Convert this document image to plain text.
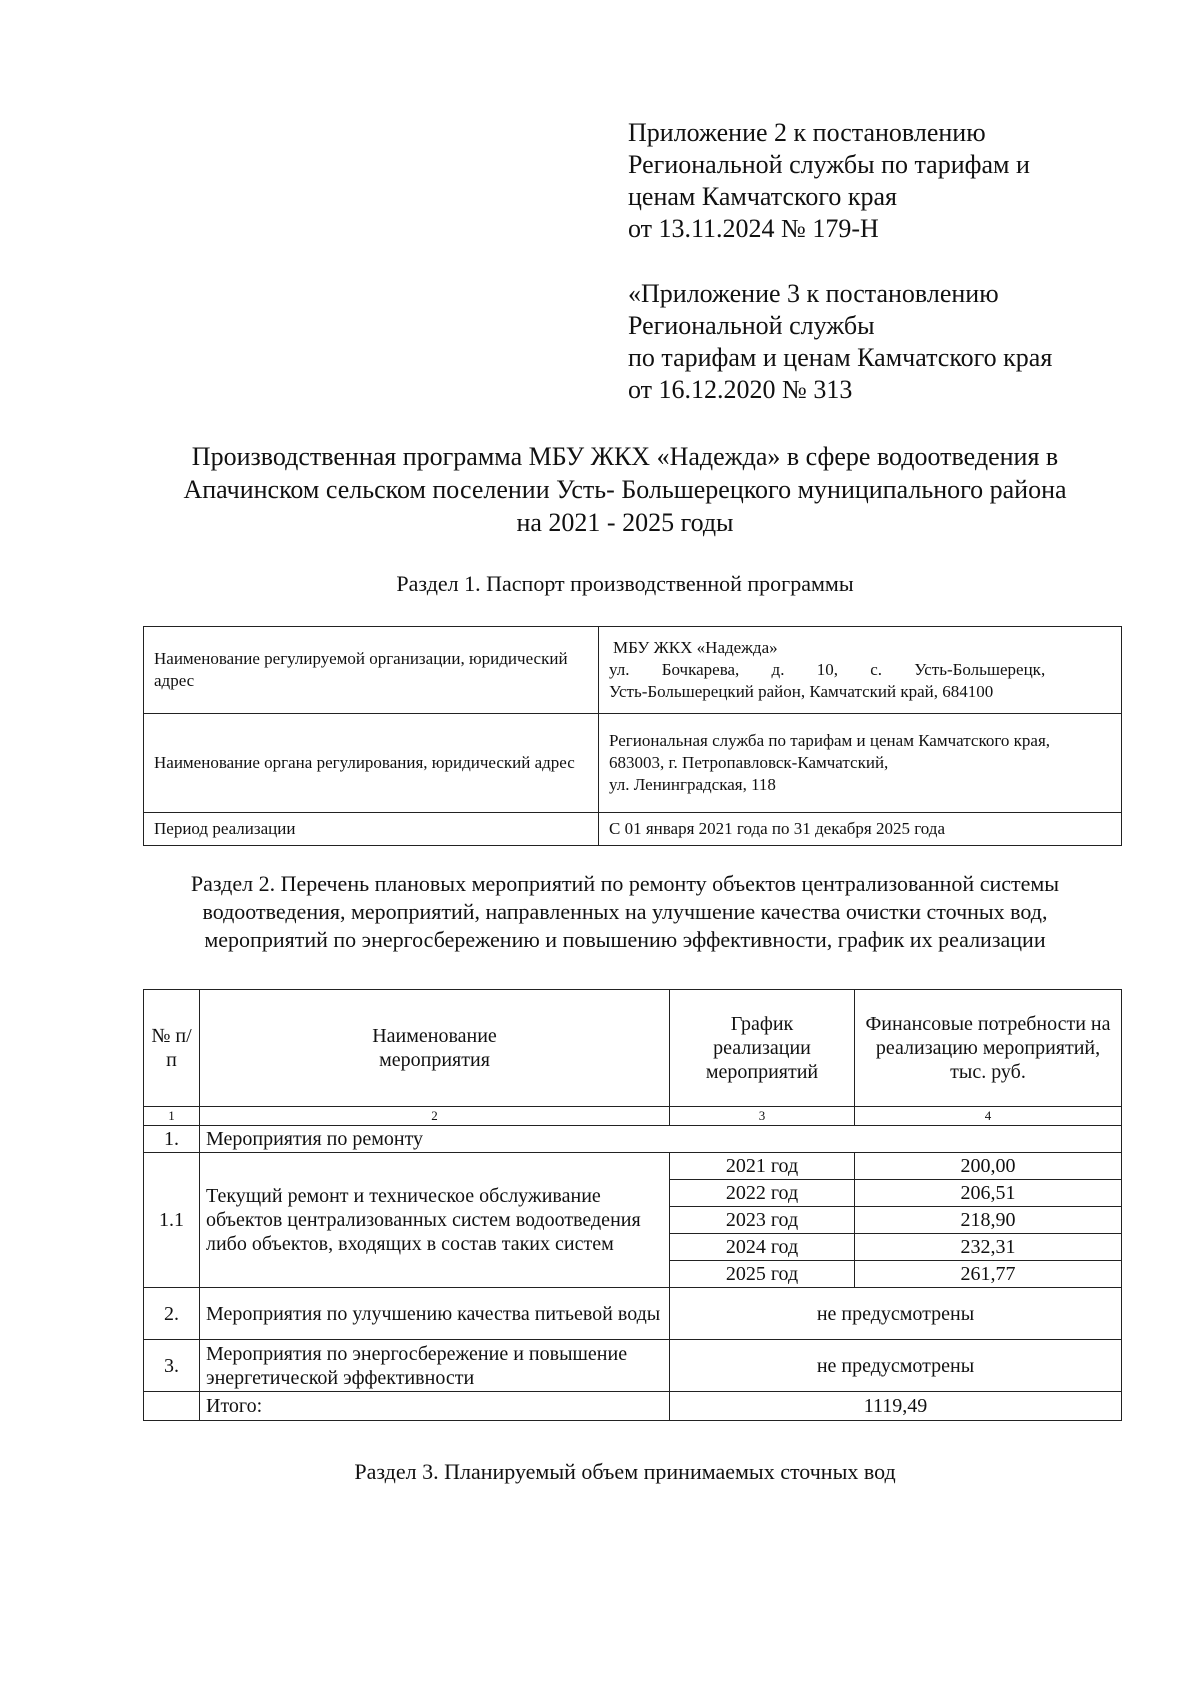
Приложение 2 к постановлению
Региональной службы по тарифам и
ценам Камчатского края
от 13.11.2024 № 179-Н
«Приложение 3 к постановлению
Региональной службы
по тарифам и ценам Камчатского края
от 16.12.2020 № 313
Производственная программа МБУ ЖКХ «Надежда» в сфере водоотведения в
Апачинском сельском поселении Усть- Большерецкого муниципального района
на 2021 - 2025 годы
Раздел 1. Паспорт производственной программы
Наименование регулируемой организации, юридический адрес	МБУ ЖКХ «Надежда»
ул. Бочкарева, д. 10, с. Усть-Большерецк,
Усть-Большерецкий район, Камчатский край, 684100

Наименование органа регулирования, юридический адрес	Региональная служба по тарифам и ценам Камчатского края,
683003, г. Петропавловск-Камчатский,
ул. Ленинградская, 118

Период реализации	С 01 января 2021 года по 31 декабря 2025 года
Раздел 2. Перечень плановых мероприятий по ремонту объектов централизованной системы
водоотведения, мероприятий, направленных на улучшение качества очистки сточных вод,
мероприятий по энергосбережению и повышению эффективности, график их реализации
№ п/п	Наименование мероприятия	График реализации мероприятий	Финансовые потребности на реализацию мероприятий, тыс. руб.
1	2	3	4
1.	Мероприятия по ремонту		
1.1	Текущий ремонт и техническое обслуживание объектов централизованных систем водоотведения либо объектов, входящих в состав таких систем	2021 год	200,00
		2022 год	206,51
		2023 год	218,90
		2024 год	232,31
		2025 год	261,77
2.	Мероприятия по улучшению качества питьевой воды	не предусмотрены	
3.	Мероприятия по энергосбережение и повышение энергетической эффективности	не предусмотрены	
	Итого:	1119,49	
Раздел 3. Планируемый объем принимаемых сточных вод
